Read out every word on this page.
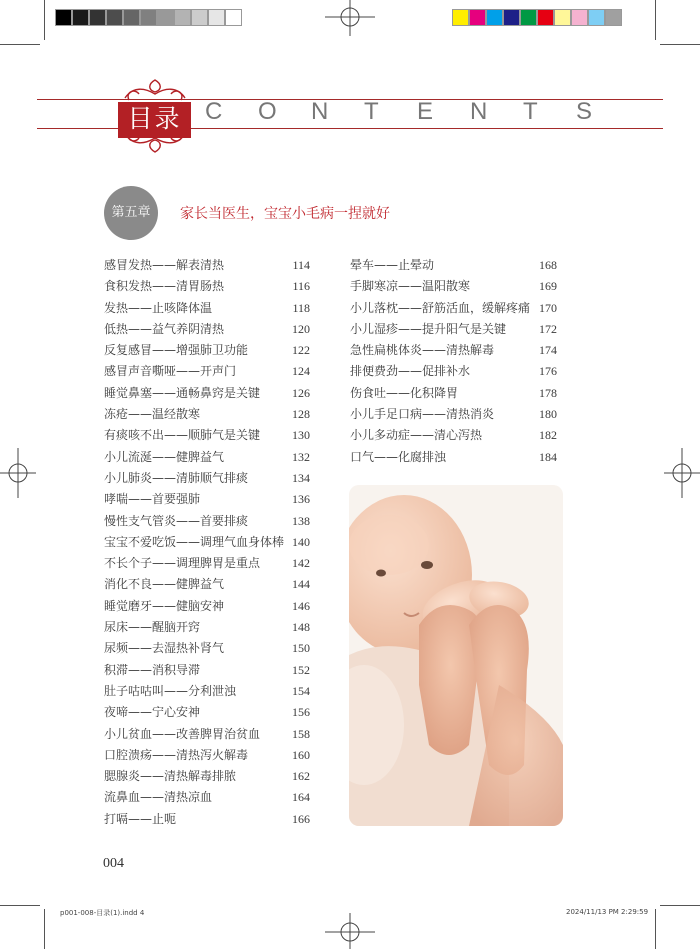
目录 C	O	N	T	E	N	T	S
第五章	家长当医生，宝宝小毛病一捏就好
感冒发热——解表清热	114
食积发热——清胃肠热	116
发热——止咳降体温	118
低热——益气养阴清热	120
反复感冒——增强肺卫功能	122
感冒声音嘶哑——开声门	124
睡觉鼻塞——通畅鼻窍是关键	126
冻疮——温经散寒	128
有痰咳不出——顺肺气是关键	130
小儿流涎——健脾益气	132
小儿肺炎——清肺顺气排痰	134
哮喘——首要强肺	136
慢性支气管炎——首要排痰	138
宝宝不爱吃饭——调理气血身体棒 140
不长个子——调理脾胃是重点	142
消化不良——健脾益气	144
睡觉磨牙——健脑安神	146
尿床——醒脑开窍	148
尿频——去湿热补肾气	150
积滞——消积导滞	152
肚子咕咕叫——分利泄浊	154
夜啼——宁心安神	156
小儿贫血——改善脾胃治贫血	158
口腔溃疡——清热泻火解毒	160
腮腺炎——清热解毒排脓	162
流鼻血——清热凉血	164
打嗝——止呃	166
晕车——止晕动	168
手脚寒凉——温阳散寒	169
小儿落枕——舒筋活血，缓解疼痛 170
小儿湿疹——提升阳气是关键	172
急性扁桃体炎——清热解毒	174
排便费劲——促排补水	176
伤食吐——化积降胃	178
小儿手足口病——清热消炎	180
小儿多动症——清心泻热	182
口气——化腐排浊	184
004
p001-008-目录(1).indd 4	2024/11/13 PM 2:29:59
